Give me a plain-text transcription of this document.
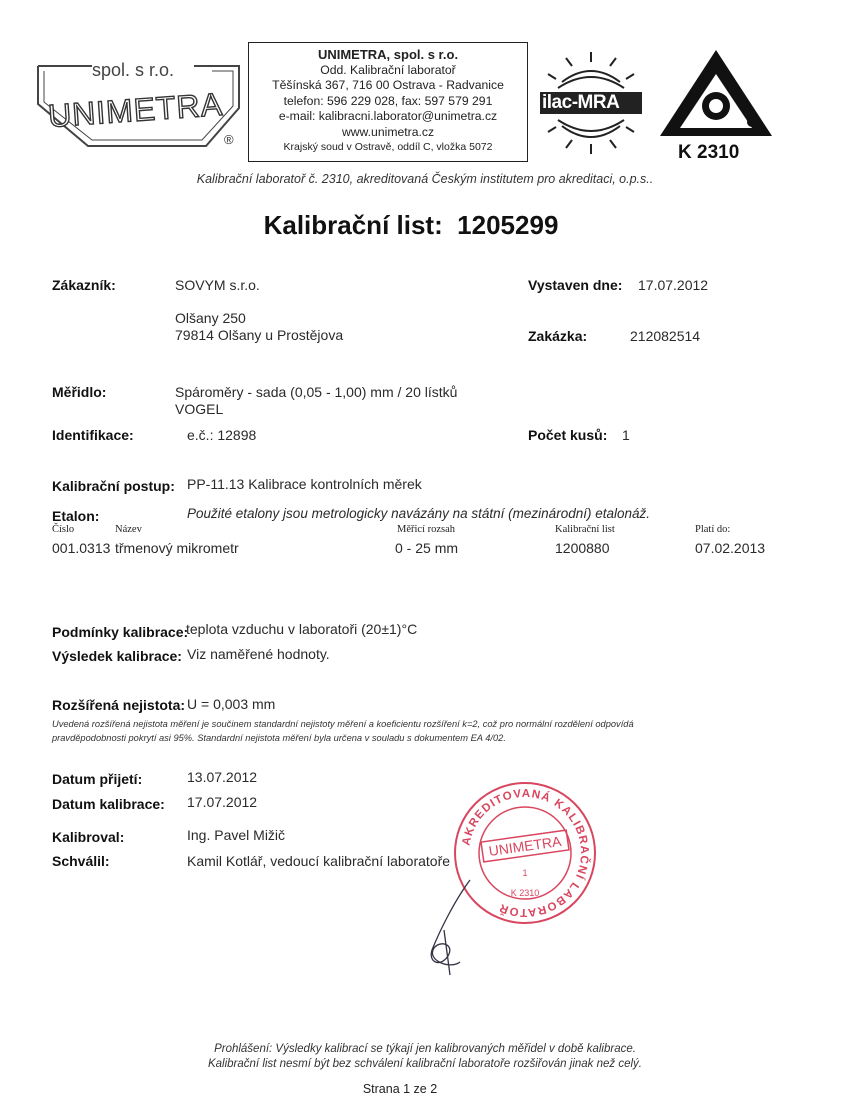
spol. s r.o.
UNIMETRA
®
UNIMETRA, spol. s r.o.
Odd. Kalibrační laboratoř
Těšínská 367, 716 00 Ostrava - Radvanice
telefon: 596 229 028, fax: 597 579 291
e-mail: kalibracni.laborator@unimetra.cz
www.unimetra.cz
Krajský soud v Ostravě, oddíl C, vložka 5072
ilac-MRA
K 2310
Kalibrační laboratoř č. 2310, akreditovaná Českým institutem pro akreditaci, o.p.s..
Kalibrační list:  1205299
Zákazník:	SOVYM s.r.o.
Olšany 250
79814 Olšany u Prostějova
Vystaven dne: 17.07.2012
Zakázka:	212082514
Měřidlo:	Spároměry - sada (0,05 - 1,00) mm / 20 lístků
VOGEL
Identifikace:	e.č.: 12898	Počet kusů: 1
Kalibrační postup: PP-11.13 Kalibrace kontrolních měrek
Etalon:	Použité etalony jsou metrologicky navázány na státní (mezinárodní) etalonáž.
Číslo	Název	Měřicí rozsah	Kalibrační list	Platí do:
001.0313 třmenový mikrometr	0 - 25 mm	1200880	07.02.2013
Podmínky kalibrace:
teplota vzduchu v laboratoři (20±1)°C
Výsledek kalibrace: Viz naměřené hodnoty.
Rozšířená nejistota: U = 0,003 mm
Uvedená rozšířená nejistota měření je součinem standardní nejistoty měření a koeficientu rozšíření k=2, což pro normální rozdělení odpovídá
pravděpodobnosti pokrytí asi 95%. Standardní nejistota měření byla určena v souladu s dokumentem EA 4/02.
Datum přijetí:	13.07.2012
Datum kalibrace: 17.07.2012
Kalibroval:	Ing. Pavel Mižič
Schválil:	Kamil Kotlář, vedoucí kalibrační laboratoře
AKREDITOVANÁ KALIBRAČNÍ LABORATOŘ
UNIMETRA
1
K 2310
Prohlášení: Výsledky kalibrací se týkají jen kalibrovaných měřidel v době kalibrace.
Kalibrační list nesmí být bez schválení kalibrační laboratoře rozšiřován jinak než celý.
Strana 1 ze 2
